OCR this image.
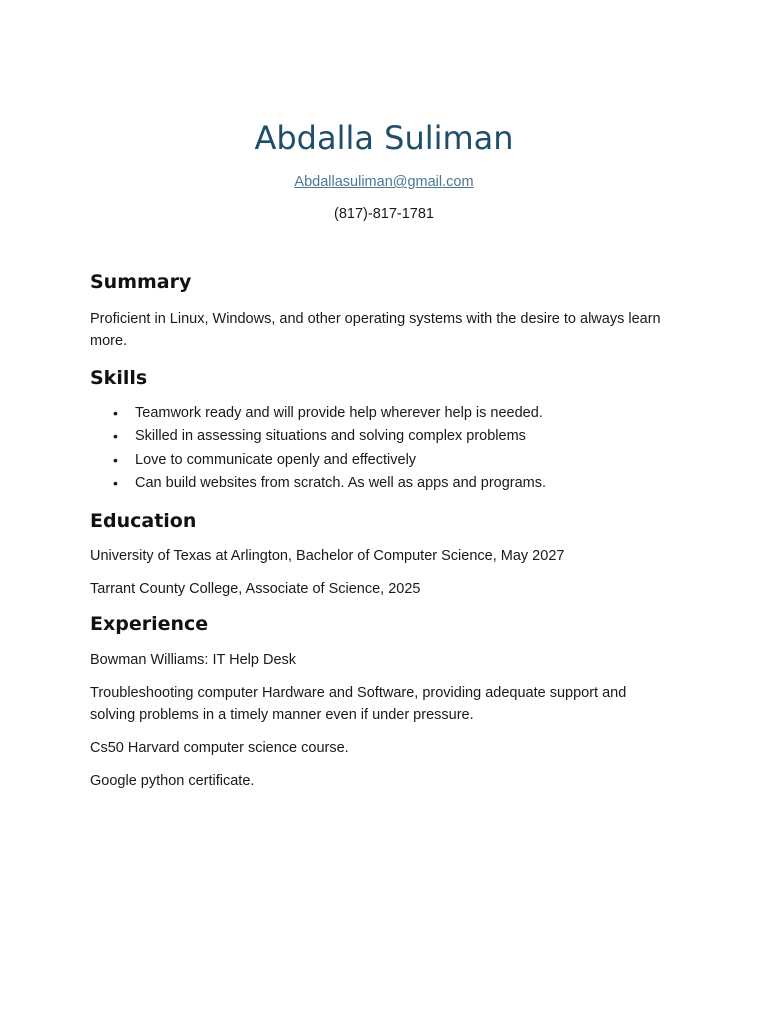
Abdalla Suliman
Abdallasuliman@gmail.com
(817)-817-1781
Summary

Proficient in Linux, Windows, and other operating systems with the desire to always learn more.

Skills
• Teamwork ready and will provide help wherever help is needed.
• Skilled in assessing situations and solving complex problems
• Love to communicate openly and effectively
• Can build websites from scratch. As well as apps and programs.
Education

University of Texas at Arlington, Bachelor of Computer Science, May 2027

Tarrant County College, Associate of Science, 2025

Experience

Bowman Williams: IT Help Desk

Troubleshooting computer Hardware and Software, providing adequate support and solving problems in a timely manner even if under pressure.

Cs50 Harvard computer science course.

Google python certificate.
